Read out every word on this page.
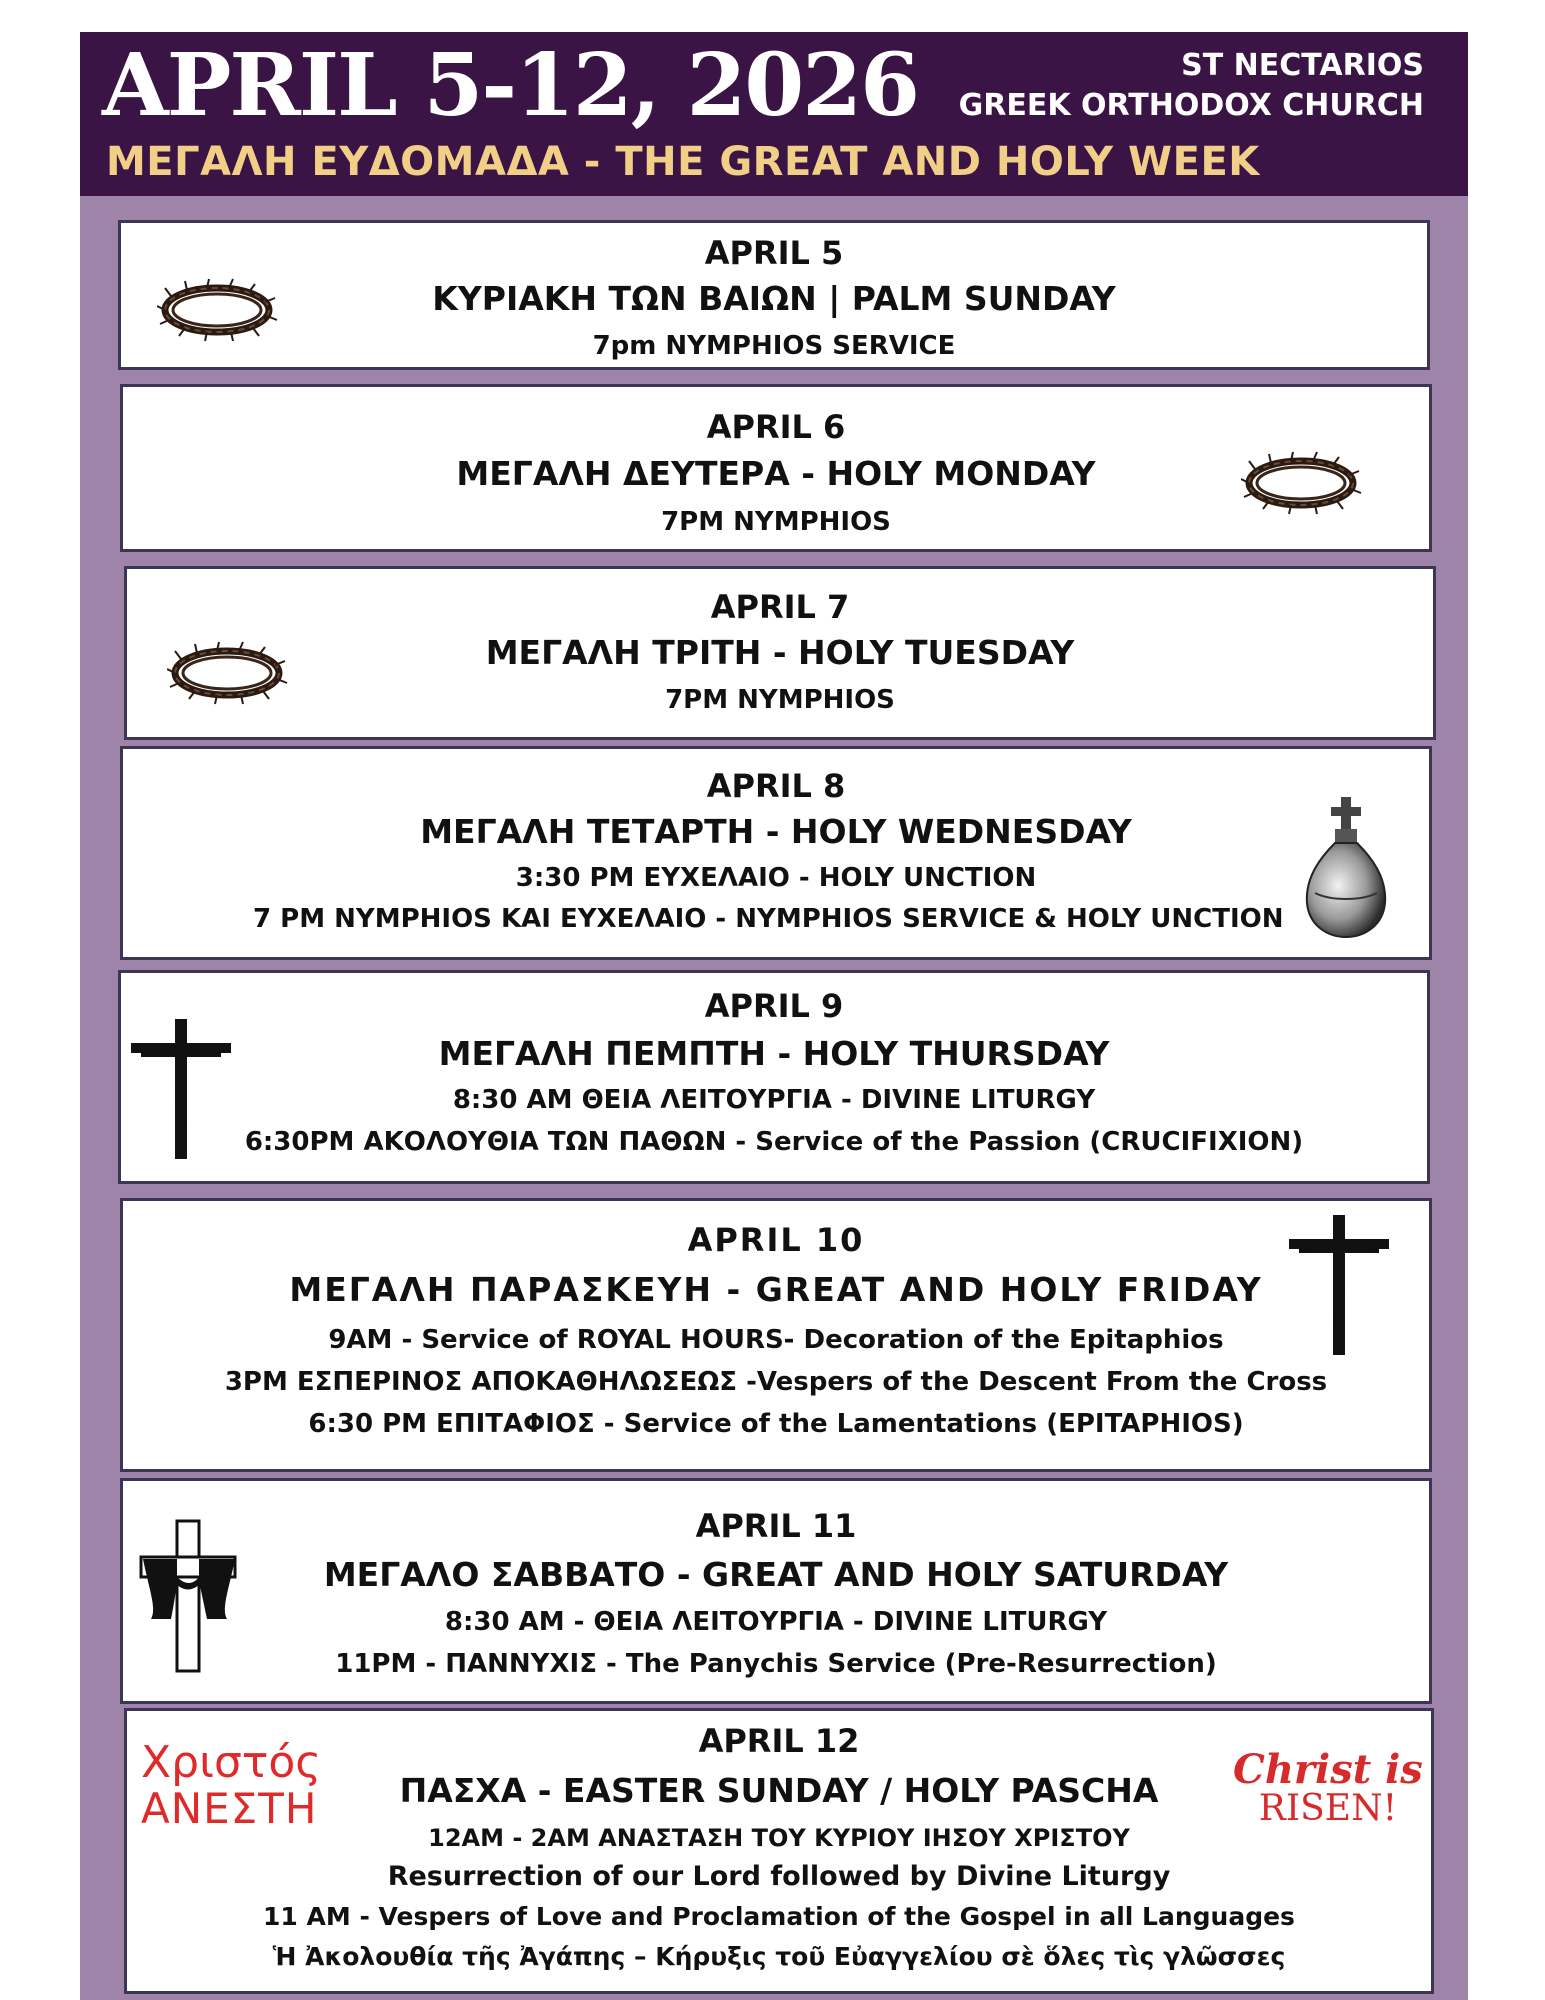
APRIL 5-12, 2026	ST NECTARIOS
GREEK ORTHODOX CHURCH
ΜΕΓΑΛΗ ΕΥΔΟΜΑΔΑ - THE GREAT AND HOLY WEEK
APRIL 5
ΚΥΡΙΑΚΗ ΤΩΝ ΒΑΙΩΝ | PALM SUNDAY
7pm NYMPHIOS SERVICE
APRIL 6
ΜΕΓΑΛΗ ΔΕΥΤΕΡΑ - HOLY MONDAY
7PM NYMPHIOS
APRIL 7
ΜΕΓΑΛΗ ΤΡΙΤΗ - HOLY TUESDAY
7PM NYMPHIOS
APRIL 8
ΜΕΓΑΛΗ ΤΕΤΑΡΤΗ - HOLY WEDNESDAY
3:30 PM ΕΥΧΕΛΑΙΟ - HOLY UNCTION
7 PM NYMPHIOS ΚΑΙ ΕΥΧΕΛΑΙΟ - NYMPHIOS SERVICE & HOLY UNCTION
APRIL 9
ΜΕΓΑΛΗ ΠΕΜΠΤΗ - HOLY THURSDAY
8:30 AM ΘΕΙΑ ΛΕΙΤΟΥΡΓΙΑ - DIVINE LITURGY
6:30PM ΑΚΟΛΟΥΘΙΑ ΤΩΝ ΠΑΘΩΝ - Service of the Passion (CRUCIFIXION)
APRIL 10
ΜΕΓΑΛΗ ΠΑΡΑΣΚΕΥΗ - GREAT AND HOLY FRIDAY
9AM - Service of ROYAL HOURS- Decoration of the Epitaphios
3PM ΕΣΠΕΡΙΝΟΣ ΑΠΟΚΑΘΗΛΩΣΕΩΣ -Vespers of the Descent From the Cross
6:30 PM ΕΠΙΤΑΦΙΟΣ - Service of the Lamentations (EPITAPHIOS)
APRIL 11
ΜΕΓΑΛΟ ΣΑΒΒΑΤΟ - GREAT AND HOLY SATURDAY
8:30 AM - ΘΕΙΑ ΛΕΙΤΟΥΡΓΙΑ - DIVINE LITURGY
11PM - ΠΑΝΝΥΧΙΣ - The Panychis Service (Pre-Resurrection)
APRIL 12
ΠΑΣΧΑ - EASTER SUNDAY / HOLY PASCHA
12AM - 2AM ΑΝΑΣΤΑΣΗ ΤΟΥ ΚΥΡΙΟΥ ΙΗΣΟΥ ΧΡΙΣΤΟΥ
Resurrection of our Lord followed by Divine Liturgy
11 AM - Vespers of Love and Proclamation of the Gospel in all Languages
Ἡ Ἀκολουθία τῆς Ἀγάπης – Κήρυξις τοῦ Εὐαγγελίου σὲ ὅλες τὶς γλῶσσες
Χριστός
ΑΝΕΣΤΗ
Christ is
RISEN!
